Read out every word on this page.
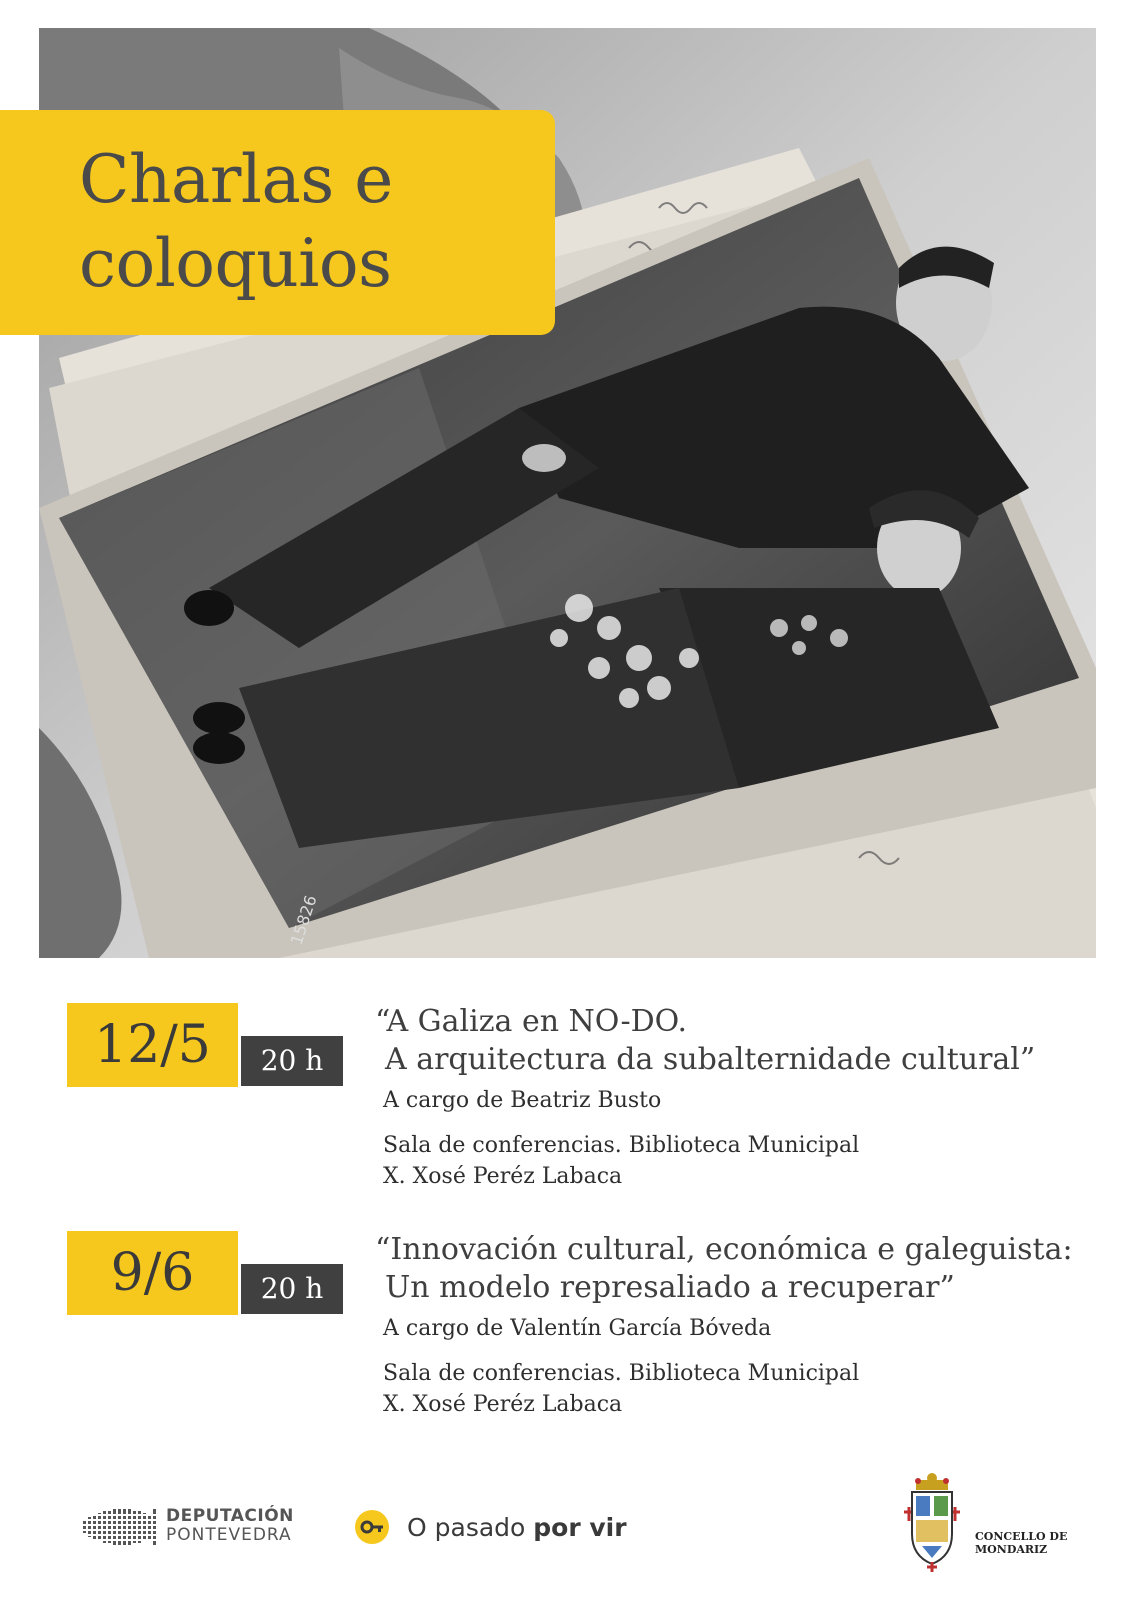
15826
Charlas e
coloquios
12/5	20 h
“A Galiza en NO-DO.
A arquitectura da subalternidade cultural”

A cargo de Beatriz Busto

Sala de conferencias. Biblioteca Municipal
X. Xosé Peréz Labaca

9/6	20 h
“Innovación cultural, económica e galeguista:
Un modelo represaliado a recuperar”

A cargo de Valentín García Bóveda

Sala de conferencias. Biblioteca Municipal
X. Xosé Peréz Labaca

DEPUTACIÓN
PONTEVEDRA	O pasado por vir	CONCELLO DE
MONDARIZ
